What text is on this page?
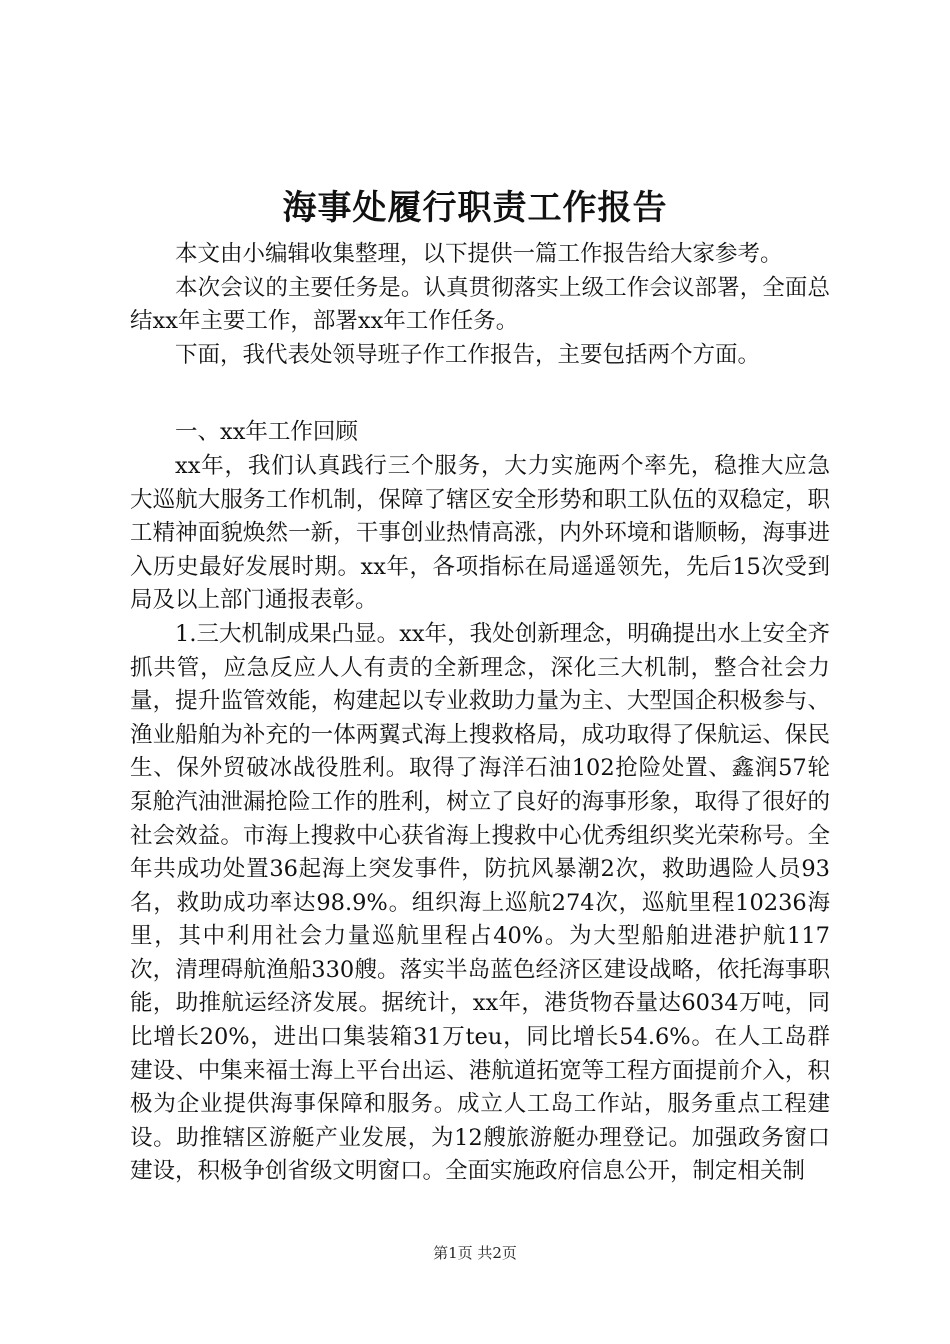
海事处履行职责工作报告

本文由小编辑收集整理，以下提供一篇工作报告给大家参考。

本次会议的主要任务是。认真贯彻落实上级工作会议部署，全面总结xx年主要工作，部署xx年工作任务。

下面，我代表处领导班子作工作报告，主要包括两个方面。

一、xx年工作回顾

xx年，我们认真践行三个服务，大力实施两个率先，稳推大应急大巡航大服务工作机制，保障了辖区安全形势和职工队伍的双稳定，职工精神面貌焕然一新，干事创业热情高涨，内外环境和谐顺畅，海事进入历史最好发展时期。xx年，各项指标在局遥遥领先，先后15次受到局及以上部门通报表彰。

1.三大机制成果凸显。xx年，我处创新理念，明确提出水上安全齐抓共管，应急反应人人有责的全新理念，深化三大机制，整合社会力量，提升监管效能，构建起以专业救助力量为主、大型国企积极参与、渔业船舶为补充的一体两翼式海上搜救格局，成功取得了保航运、保民生、保外贸破冰战役胜利。取得了海洋石油102抢险处置、鑫润57轮泵舱汽油泄漏抢险工作的胜利，树立了良好的海事形象，取得了很好的社会效益。市海上搜救中心获省海上搜救中心优秀组织奖光荣称号。全年共成功处置36起海上突发事件，防抗风暴潮2次，救助遇险人员93名，救助成功率达98.9%。组织海上巡航274次，巡航里程10236海里，其中利用社会力量巡航里程占40%。为大型船舶进港护航117次，清理碍航渔船330艘。落实半岛蓝色经济区建设战略，依托海事职能，助推航运经济发展。据统计，xx年，港货物吞量达6034万吨，同比增长20%，进出口集装箱31万teu，同比增长54.6%。在人工岛群建设、中集来福士海上平台出运、港航道拓宽等工程方面提前介入，积极为企业提供海事保障和服务。成立人工岛工作站，服务重点工程建设。助推辖区游艇产业发展，为12艘旅游艇办理登记。加强政务窗口建设，积极争创省级文明窗口。全面实施政府信息公开，制定相关制

第1页 共2页
